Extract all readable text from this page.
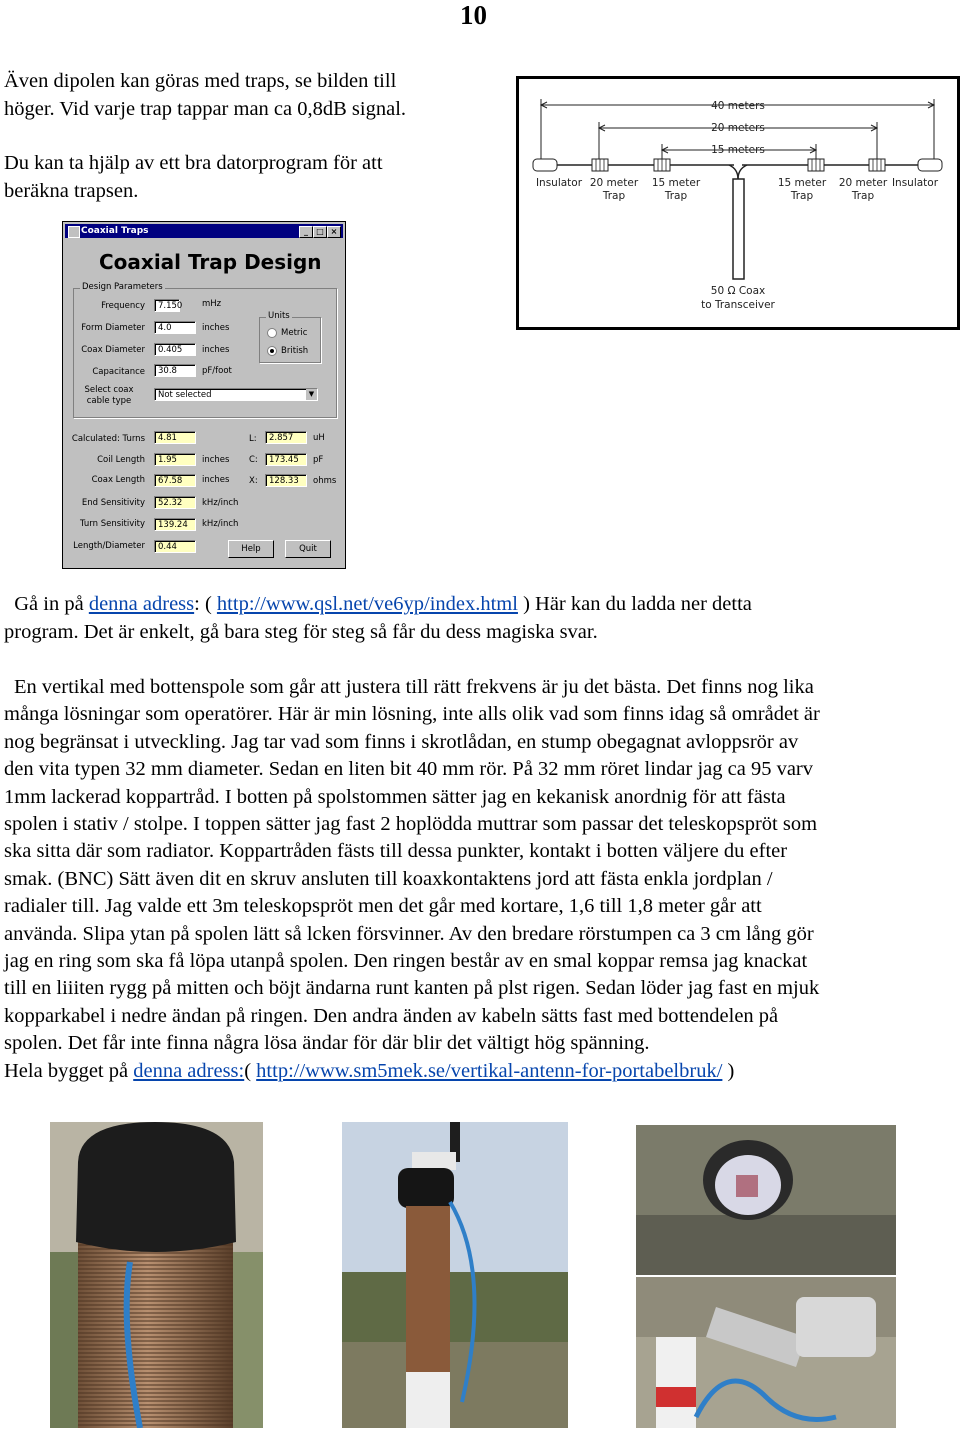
10
Även dipolen kan göras med traps, se bilden till
höger. Vid varje trap tappar man ca 0,8dB signal.
Du kan ta hjälp av ett bra datorprogram för att
beräkna trapsen.
40 meters
20 meters
15 meters
Insulator 20 meter
Trap
15 meter
Trap
15 meter
Trap
20 meter
Trap
Insulator
50 Ω Coax
to Transceiver
Coaxial Traps	_	□ ×
Coaxial Trap Design
Design Parameters
Frequency	7.150 mHz
Form Diameter	4.0	inches
Coax Diameter	0.405	inches
Capacitance	30.8	pF/foot
Select coax
cable type
Not selected	▼
Units
Metric
British
Calculated: Turns	4.81
Coil Length	1.95	inches
Coax Length	67.58	inches
End Sensitivity	52.32	kHz/inch
Turn Sensitivity	139.24	kHz/inch
Length/Diameter	0.44
L:	2.857	uH
C:	173.45	pF
X:	128.33	ohms
Help	Quit
Gå in på denna adress: ( http://www.qsl.net/ve6yp/index.html ) Här kan du ladda ner detta
program. Det är enkelt, gå bara steg för steg så får du dess magiska svar.
En vertikal med bottenspole som går att justera till rätt frekvens är ju det bästa. Det finns nog lika
många lösningar som operatörer. Här är min lösning, inte alls olik vad som finns idag så området är
nog begränsat i utveckling. Jag tar vad som finns i skrotlådan, en stump obegagnat avloppsrör av
den vita typen 32 mm diameter. Sedan en liten bit 40 mm rör. På 32 mm röret lindar jag ca 95 varv
1mm lackerad koppartråd. I botten på spolstommen sätter jag en kekanisk anordnig för att fästa
spolen i stativ / stolpe. I toppen sätter jag fast 2 hoplödda muttrar som passar det teleskopspröt som
ska sitta där som radiator. Koppartråden fästs till dessa punkter, kontakt i botten väljere du efter
smak. (BNC) Sätt även dit en skruv ansluten till koaxkontaktens jord att fästa enkla jordplan /
radialer till. Jag valde ett 3m teleskopspröt men det går med kortare, 1,6 till 1,8 meter går att
använda. Slipa ytan på spolen lätt så lcken försvinner. Av den bredare rörstumpen ca 3 cm lång gör
jag en ring som ska få löpa utanpå spolen. Den ringen består av en smal koppar remsa jag knackat
till en liiiten rygg på mitten och böjt ändarna runt kanten på plst rigen. Sedan löder jag fast en mjuk
kopparkabel i nedre ändan på ringen. Den andra änden av kabeln sätts fast med bottendelen på
spolen. Det får inte finna några lösa ändar för där blir det vältigt hög spänning.
Hela bygget på denna adress:( http://www.sm5mek.se/vertikal-antenn-for-portabelbruk/ )
